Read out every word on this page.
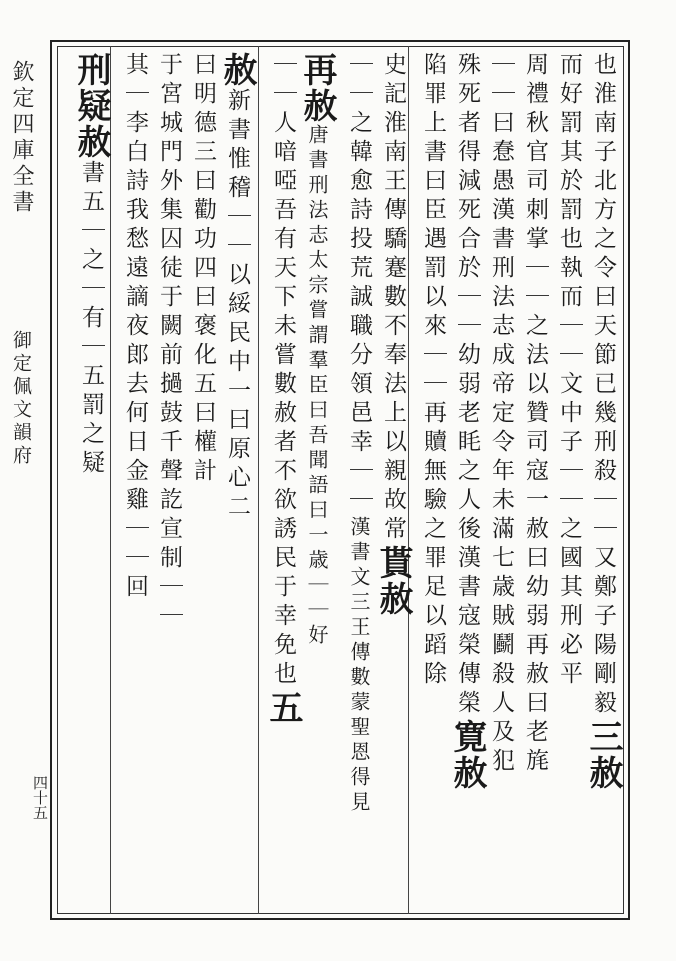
欽定四庫全書
御定佩文韻府
四十五
也淮南子北方之令曰天節已幾刑殺｜｜又鄭子陽剛毅三赦
而好罰其於罰也執而｜｜文中子｜｜之國其刑必平
周禮秋官司刺掌｜｜之法以贊司寇一赦曰幼弱再赦曰老旄
｜｜曰惷愚漢書刑法志成帝定令年未滿七歳賊鬬殺人及犯
殊死者得減死合於｜｜幼弱老眊之人後漢書寇榮傳榮寛赦
陷罪上書曰臣遇罰以來｜｜再贖無驗之罪足以蹈除
史記淮南王傳驕蹇數不奉法上以親故常貰赦
｜｜之韓愈詩投荒誠職分領邑幸｜｜漢書文三王傳數蒙聖恩得見
再赦唐書刑法志太宗嘗謂羣臣曰吾聞語曰一歳｜｜好
｜｜人喑啞吾有天下未嘗數赦者不欲誘民于幸免也五
赦新書惟稽｜｜以綏民中一曰原心二
曰明德三曰勸功四曰褒化五曰權計
于宮城門外集囚徒于闕前撾鼓千聲訖宣制｜｜
其｜李白詩我愁遠謫夜郎去何日金雞｜｜回
刑疑赦書五｜之｜有｜五罰之疑
